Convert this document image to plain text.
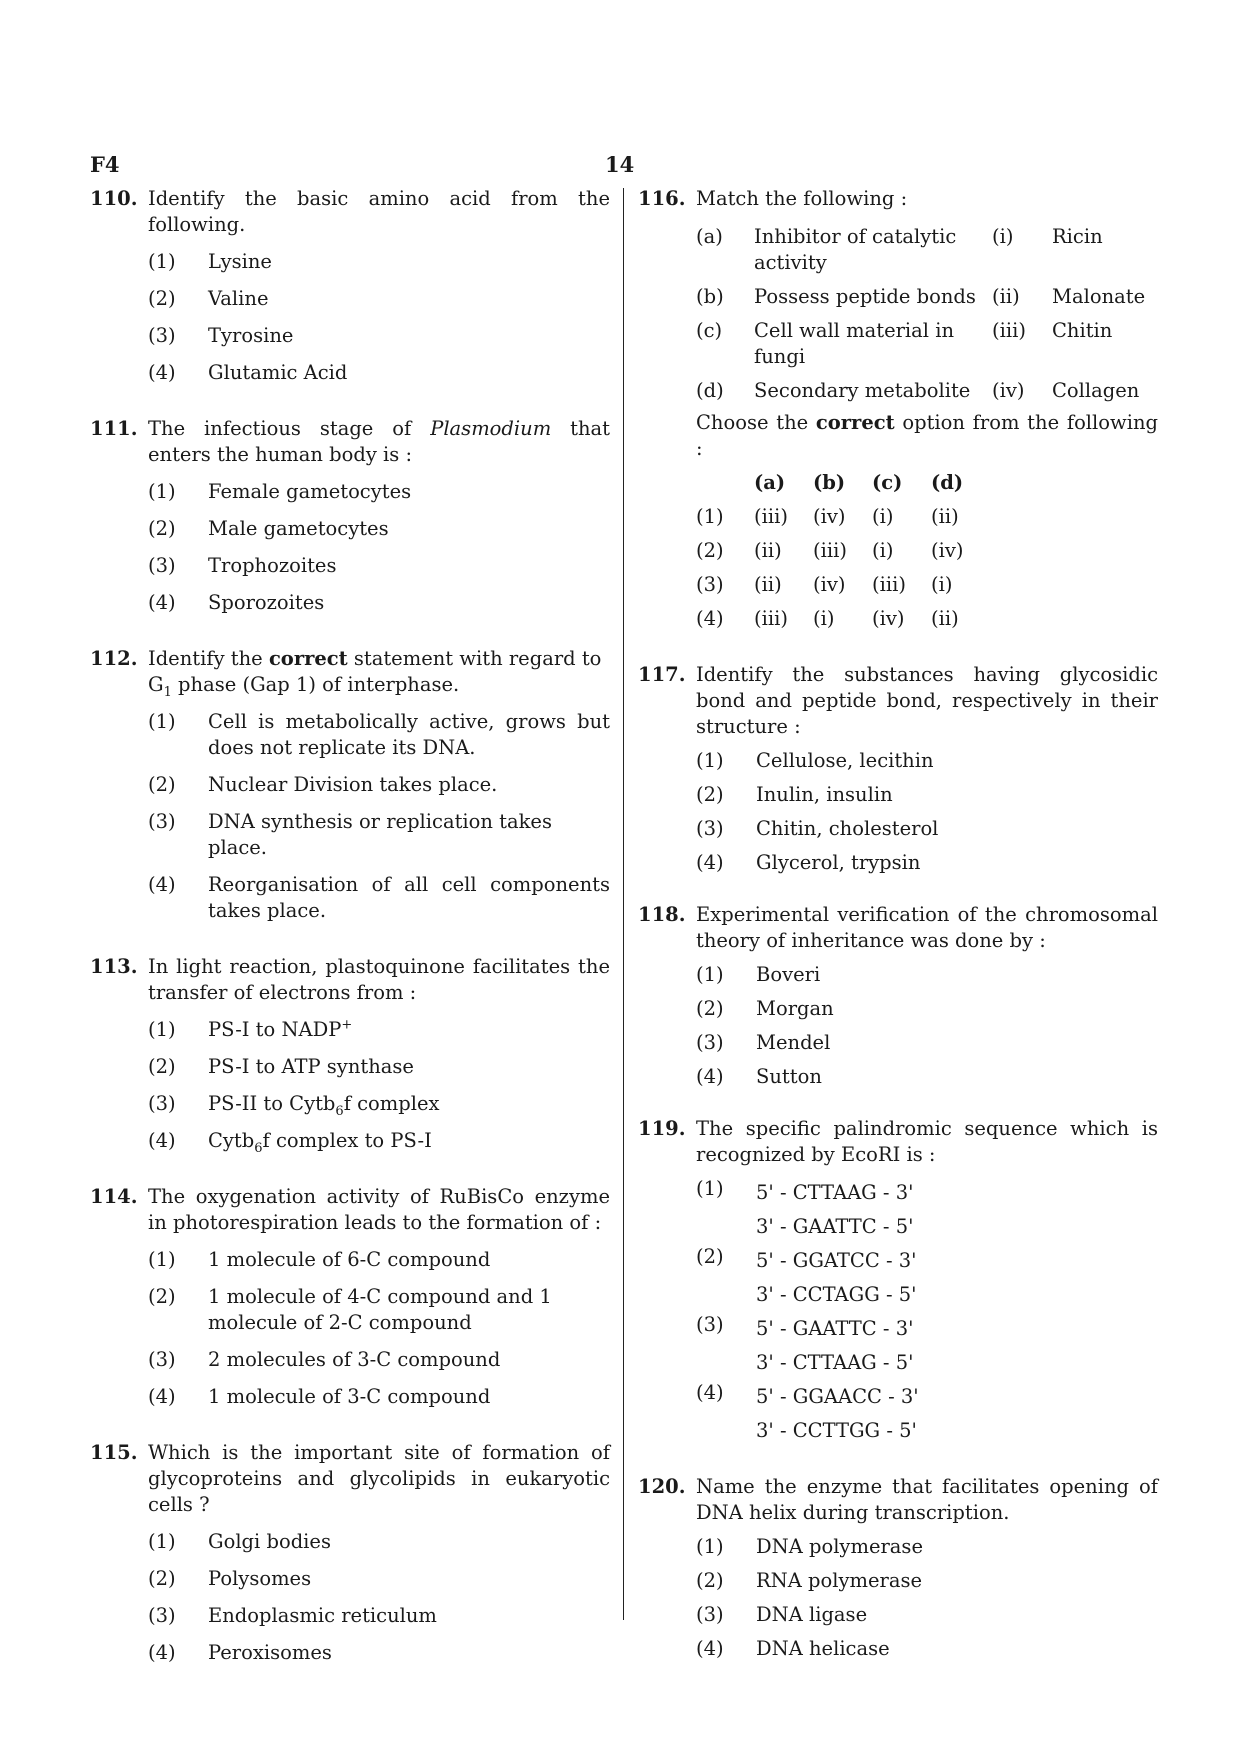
F4	14
110. Identify the basic amino acid from the following.
(1)	Lysine
(2)	Valine
(3)	Tyrosine
(4)	Glutamic Acid
111. The infectious stage of Plasmodium that enters the human body is :
(1)	Female gametocytes
(2)	Male gametocytes
(3)	Trophozoites
(4)	Sporozoites
112. Identify the correct statement with regard to
$G_1$ phase (Gap 1) of interphase.
(1)	Cell is metabolically active, grows but does not replicate its DNA.
(2)	Nuclear Division takes place.
(3)	DNA synthesis or replication takes place.
(4)	Reorganisation of all cell components takes place.
113. In light reaction, plastoquinone facilitates the transfer of electrons from :
(1)	PS-I to NADP+
(2)	PS-I to ATP synthase
(3)	PS-II to Cytb$_6$f complex
(4)	Cytb$_6$f complex to PS-I
114. The oxygenation activity of RuBisCo enzyme in photorespiration leads to the formation of :
(1)	1 molecule of 6-C compound
(2)	1 molecule of 4-C compound and 1 molecule of 2-C compound
(3)	2 molecules of 3-C compound
(4)	1 molecule of 3-C compound
115. Which is the important site of formation of glycoproteins and glycolipids in eukaryotic cells ?
(1)	Golgi bodies
(2)	Polysomes
(3)	Endoplasmic reticulum
(4)	Peroxisomes
116. Match the following :
(a)	Inhibitor of catalytic activity	(i)	Ricin
(b)	Possess peptide bonds	(ii)	Malonate
(c)	Cell wall material in fungi	(iii)	Chitin
(d)	Secondary metabolite	(iv)	Collagen
Choose the correct option from the following :
	(a)	(b)	(c)	(d)
(1)	(iii)	(iv)	(i)	(ii)
(2)	(ii)	(iii)	(i)	(iv)
(3)	(ii)	(iv)	(iii)	(i)
(4)	(iii)	(i)	(iv)	(ii)
117. Identify the substances having glycosidic bond and peptide bond, respectively in their structure :
(1)	Cellulose, lecithin
(2)	Inulin, insulin
(3)	Chitin, cholesterol
(4)	Glycerol, trypsin
118. Experimental verification of the chromosomal theory of inheritance was done by :
(1)	Boveri
(2)	Morgan
(3)	Mendel
(4)	Sutton
119. The specific palindromic sequence which is recognized by EcoRI is :
(1)	5' - CTTAAG - 3'
3' - GAATTC - 5'
(2)	5' - GGATCC - 3'
3' - CCTAGG - 5'
(3)	5' - GAATTC - 3'
3' - CTTAAG - 5'
(4)	5' - GGAACC - 3'
3' - CCTTGG - 5'
120. Name the enzyme that facilitates opening of DNA helix during transcription.
(1)	DNA polymerase
(2)	RNA polymerase
(3)	DNA ligase
(4)	DNA helicase
